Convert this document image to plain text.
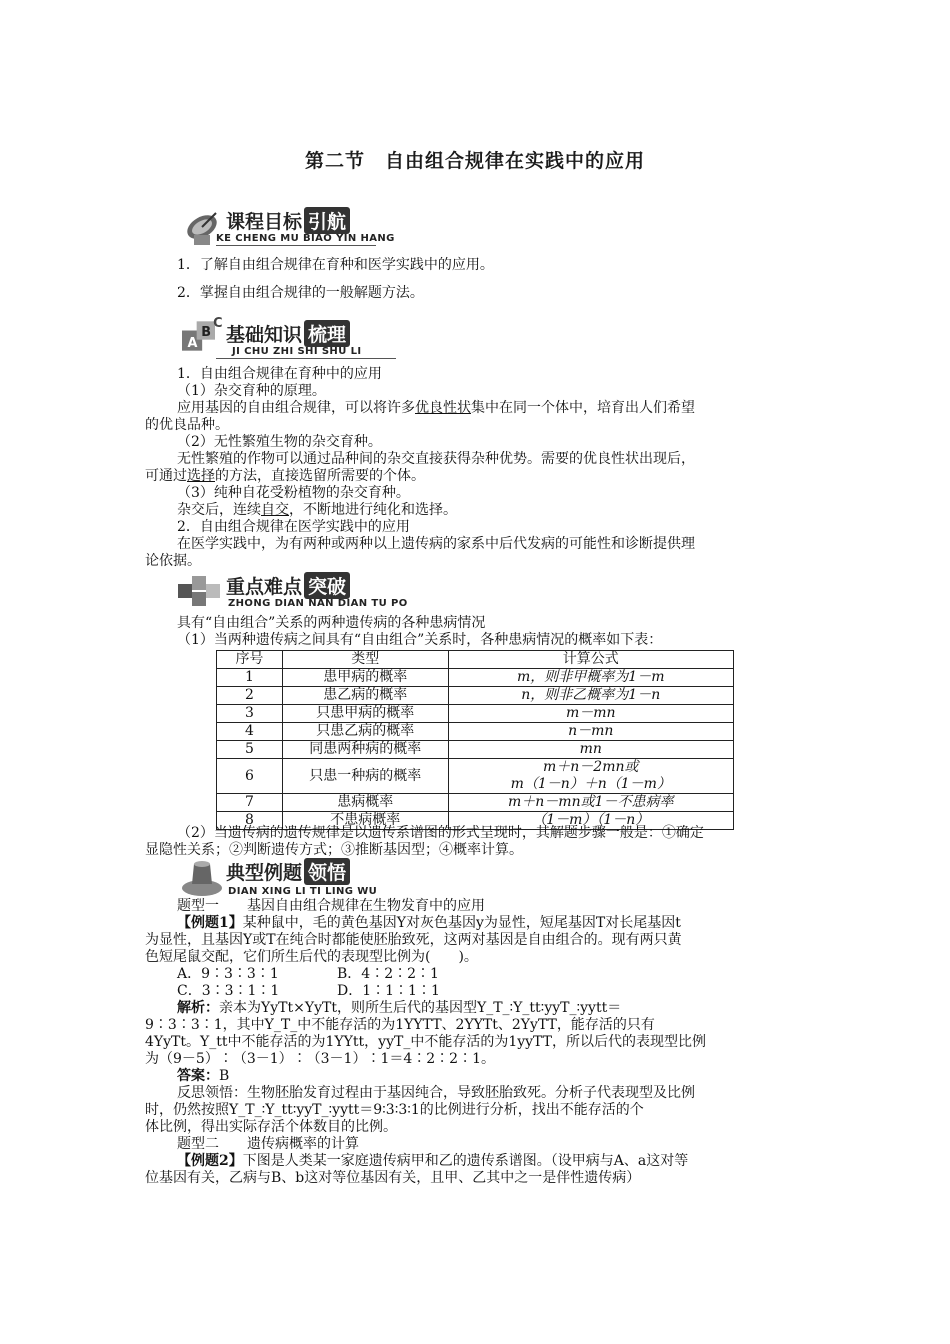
第二节　自由组合规律在实践中的应用
课程目标 引航
KE CHENG MU BIAO YIN HANG
1．了解自由组合规律在育种和医学实践中的应用。
2．掌握自由组合规律的一般解题方法。
A
B
C
基础知识 梳理
JI CHU ZHI SHI SHU LI
1．自由组合规律在育种中的应用
（1）杂交育种的原理。
应用基因的自由组合规律，可以将许多优良性状集中在同一个体中，培育出人们希望
的优良品种。
（2）无性繁殖生物的杂交育种。
无性繁殖的作物可以通过品种间的杂交直接获得杂种优势。需要的优良性状出现后，
可通过选择的方法，直接选留所需要的个体。
（3）纯种自花受粉植物的杂交育种。
杂交后，连续自交，不断地进行纯化和选择。
2．自由组合规律在医学实践中的应用
在医学实践中，为有两种或两种以上遗传病的家系中后代发病的可能性和诊断提供理
论依据。
重点难点 突破
ZHONG DIAN NAN DIAN TU PO
具有“自由组合”关系的两种遗传病的各种患病情况
（1）当两种遗传病之间具有“自由组合”关系时，各种患病情况的概率如下表：
序号	类型	计算公式
1	患甲病的概率	m，则非甲概率为1－m
2	患乙病的概率	n，则非乙概率为1－n
3	只患甲病的概率	m－mn
4	只患乙病的概率	n－mn
5	同患两种病的概率	mn
6	只患一种病的概率	m＋n－2mn或
m（1－n）＋n（1－m）

7	患病概率	m＋n－mn或1－不患病率
8	不患病概率	（1－m）（1－n）
（2）当遗传病的遗传规律是以遗传系谱图的形式呈现时，其解题步骤一般是：①确定
显隐性关系；②判断遗传方式；③推断基因型；④概率计算。
典型例题 领悟
DIAN XING LI TI LING WU
题型一　　基因自由组合规律在生物发育中的应用
【例题1】某种鼠中，毛的黄色基因Y对灰色基因y为显性，短尾基因T对长尾基因t
为显性，且基因Y或T在纯合时都能使胚胎致死，这两对基因是自由组合的。现有两只黄
色短尾鼠交配，它们所生后代的表现型比例为(　　)。
A．9∶3∶3∶1	B．4∶2∶2∶1
C．3∶3∶1∶1	D．1∶1∶1∶1
解析：亲本为YyTt×YyTt，则所生后代的基因型Y_T_∶Y_tt∶yyT_∶yytt＝
9∶3∶3∶1，其中Y_T_中不能存活的为1YYTT、2YYTt、2YyTT，能存活的只有
4YyTt。Y_tt中不能存活的为1YYtt，yyT_中不能存活的为1yyTT，所以后代的表现型比例
为（9－5）∶（3－1）∶（3－1）∶1＝4∶2∶2∶1。
答案：B
反思领悟：生物胚胎发育过程由于基因纯合，导致胚胎致死。分析子代表现型及比例
时，仍然按照Y_T_∶Y_tt∶yyT_∶yytt＝9∶3∶3∶1的比例进行分析，找出不能存活的个
体比例，得出实际存活个体数目的比例。
题型二　　遗传病概率的计算
【例题2】下图是人类某一家庭遗传病甲和乙的遗传系谱图。（设甲病与A、a这对等
位基因有关，乙病与B、b这对等位基因有关，且甲、乙其中之一是伴性遗传病）
